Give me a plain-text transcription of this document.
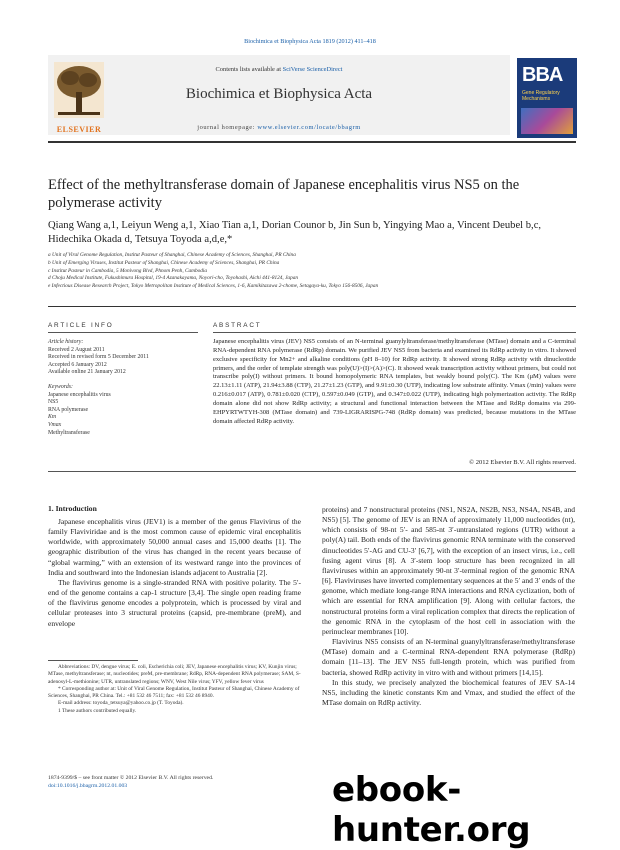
Biochimica et Biophysica Acta 1819 (2012) 411–418
Contents lists available at SciVerse ScienceDirect
Biochimica et Biophysica Acta
journal homepage: www.elsevier.com/locate/bbagrm
ELSEVIER
BBA
Gene Regulatory Mechanisms
Effect of the methyltransferase domain of Japanese encephalitis virus NS5 on the polymerase activity
Qiang Wang a,1, Leiyun Weng a,1, Xiao Tian a,1, Dorian Counor b, Jin Sun b, Yingying Mao a, Vincent Deubel b,c, Hidechika Okada d, Tetsuya Toyoda a,d,e,*
a Unit of Viral Genome Regulation, Institut Pasteur of Shanghai, Chinese Academy of Sciences, Shanghai, PR China
b Unit of Emerging Viruses, Institut Pasteur of Shanghai, Chinese Academy of Sciences, Shanghai, PR China
c Institut Pasteur in Cambodia, 5 Monivong Blvd, Phnom Penh, Cambodia
d Choju Medical Institute, Fukushimura Hospital, 19-4 Azanakayama, Noyori-cho, Toyohashi, Aichi 441-8124, Japan
e Infectious Disease Research Project, Tokyo Metropolitan Institute of Medical Sciences, 1-6, Kamikitazawa 2-chome, Setagaya-ku, Tokyo 156-8506, Japan
ARTICLE INFO	ABSTRACT
Article history:
Received 2 August 2011
Received in revised form 5 December 2011
Accepted 6 January 2012
Available online 21 January 2012
Keywords:
Japanese encephalitis virus
NS5
RNA polymerase
Km
Vmax
Methyltransferase
Japanese encephalitis virus (JEV) NS5 consists of an N-terminal guanylyltransferase/methyltransferase (MTase) domain and a C-terminal RNA-dependent RNA polymerase (RdRp) domain. We purified JEV NS5 from bacteria and examined its RdRp activity in vitro. It showed exclusive specificity for Mn2+ and alkaline conditions (pH 8–10) for RdRp activity. It showed strong RdRp activity with dinucleotide primers, and the order of template strength was poly(U)>(I)>(A)>(C). It showed weak transcription activity without primers, but could not transcribe poly(I) without primers. It bound homopolymeric RNA templates, but weakly bound poly(C). The Km (μM) values were 22.13±1.11 (ATP), 21.94±3.88 (CTP), 21.27±1.23 (GTP), and 9.91±0.30 (UTP), indicating low substrate affinity. Vmax (/min) values were 0.216±0.017 (ATP), 0.781±0.020 (CTP), 0.597±0.049 (GTP), and 0.347±0.022 (UTP), indicating high polymerization activity. The RdRp domain alone did not show RdRp activity; a structural and functional interaction between the MTase and RdRp domains via 299-EHPYRTWTYH-308 (MTase domain) and 739-LIGRARISPG-748 (RdRp domain) was predicted, because mutations in the MTase domain affected RdRp activity.
© 2012 Elsevier B.V. All rights reserved.
1. Introduction

Japanese encephalitis virus (JEV1) is a member of the genus Flavivirus of the family Flaviviridae and is the most common cause of epidemic viral encephalitis worldwide, with approximately 50,000 annual cases and 15,000 deaths [1]. The geographic distribution of the virus has changed in the recent years because of “global warming,” with an extension of its westward range into the provinces of India and southward into the Indonesian islands adjacent to Australia [2].

The flavivirus genome is a single-stranded RNA with positive polarity. The 5′-end of the genome contains a cap-1 structure [3,4]. The single open reading frame of the flavivirus genome encodes a polyprotein, which is processed by viral and cellular proteases into 3 structural proteins (capsid, pre-membrane (preM), and envelope

proteins) and 7 nonstructural proteins (NS1, NS2A, NS2B, NS3, NS4A, NS4B, and NS5) [5]. The genome of JEV is an RNA of approximately 11,000 nucleotides (nt), which consists of 98-nt 5′- and 585-nt 3′-untranslated regions (UTR) without a poly(A) tail. Both ends of the flavivirus genomic RNA terminate with the conserved dinucleotides 5′-AG and CU-3′ [6,7], with the exception of an insect virus, i.e., cell fusing agent virus [8]. A 3′-stem loop structure has been recognized in all flaviviruses within an approximately 90-nt 3′-terminal region of the genomic RNA [6]. Flaviviruses have inverted complementary sequences at the 5′ and 3′ ends of the genome, which mediate long-range RNA interactions and RNA cyclization, both of which are essential for RNA amplification [9]. Along with cellular factors, the nonstructural proteins form a viral replication complex that directs the replication of the genomic RNA in the cytoplasm of the host cell in association with the perinuclear membranes [10].

Flavivirus NS5 consists of an N-terminal guanylyltransferase/methyltransferase (MTase) domain and a C-terminal RNA-dependent RNA polymerase (RdRp) domain [11–13]. The JEV NS5 full-length protein, which was purified from bacteria, showed RdRp activity in vitro with and without primers [14,15].

In this study, we precisely analyzed the biochemical features of JEV SA-14 NS5, including the kinetic constants Km and Vmax, and studied the effect of the MTase domain on RdRp activity.

Abbreviations: DV, dengue virus; E. coli, Escherichia coli; JEV, Japanese encephalitis virus; KV, Kunjin virus; MTase, methyltransferase; nt, nucleotides; preM, pre-membrane; RdRp, RNA-dependent RNA polymerase; SAM, S-adenosyl-L-methionine; UTR, untranslated regions; WNV, West Nile virus; YFV, yellow fever virus
* Corresponding author at: Unit of Viral Genome Regulation, Institut Pasteur of Shanghai, Chinese Academy of Sciences, Shanghai, PR China. Tel.: +81 532 46 7511; fax: +81 532 46 8940.
E-mail address: toyoda_tetsuya@yahoo.co.jp (T. Toyoda).
1 These authors contributed equally.
1874-9399/$ – see front matter © 2012 Elsevier B.V. All rights reserved.
doi:10.1016/j.bbagrm.2012.01.003	ebook-hunter.org
